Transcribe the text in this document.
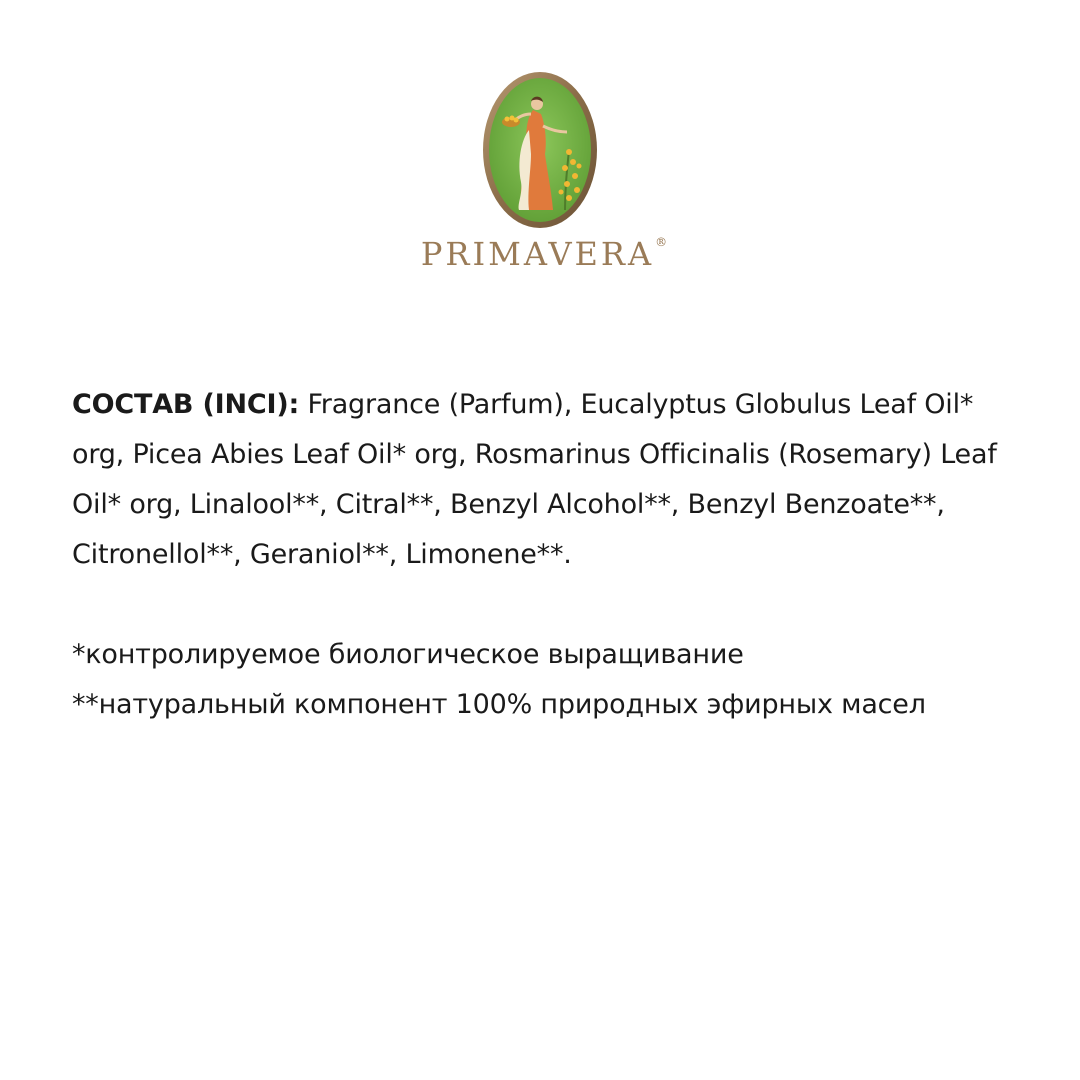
PRIMAVERA®

СОСТАВ (INCI): Fragrance (Parfum), Eucalyptus Globulus Leaf Oil* org, Picea Abies Leaf Oil* org, Rosmarinus Officinalis (Rosemary) Leaf Oil* org, Linalool**, Citral**, Benzyl Alcohol**, Benzyl Benzoate**, Citronellol**, Geraniol**, Limonene**.

*контролируемое биологическое выращивание
**натуральный компонент 100% природных эфирных масел
